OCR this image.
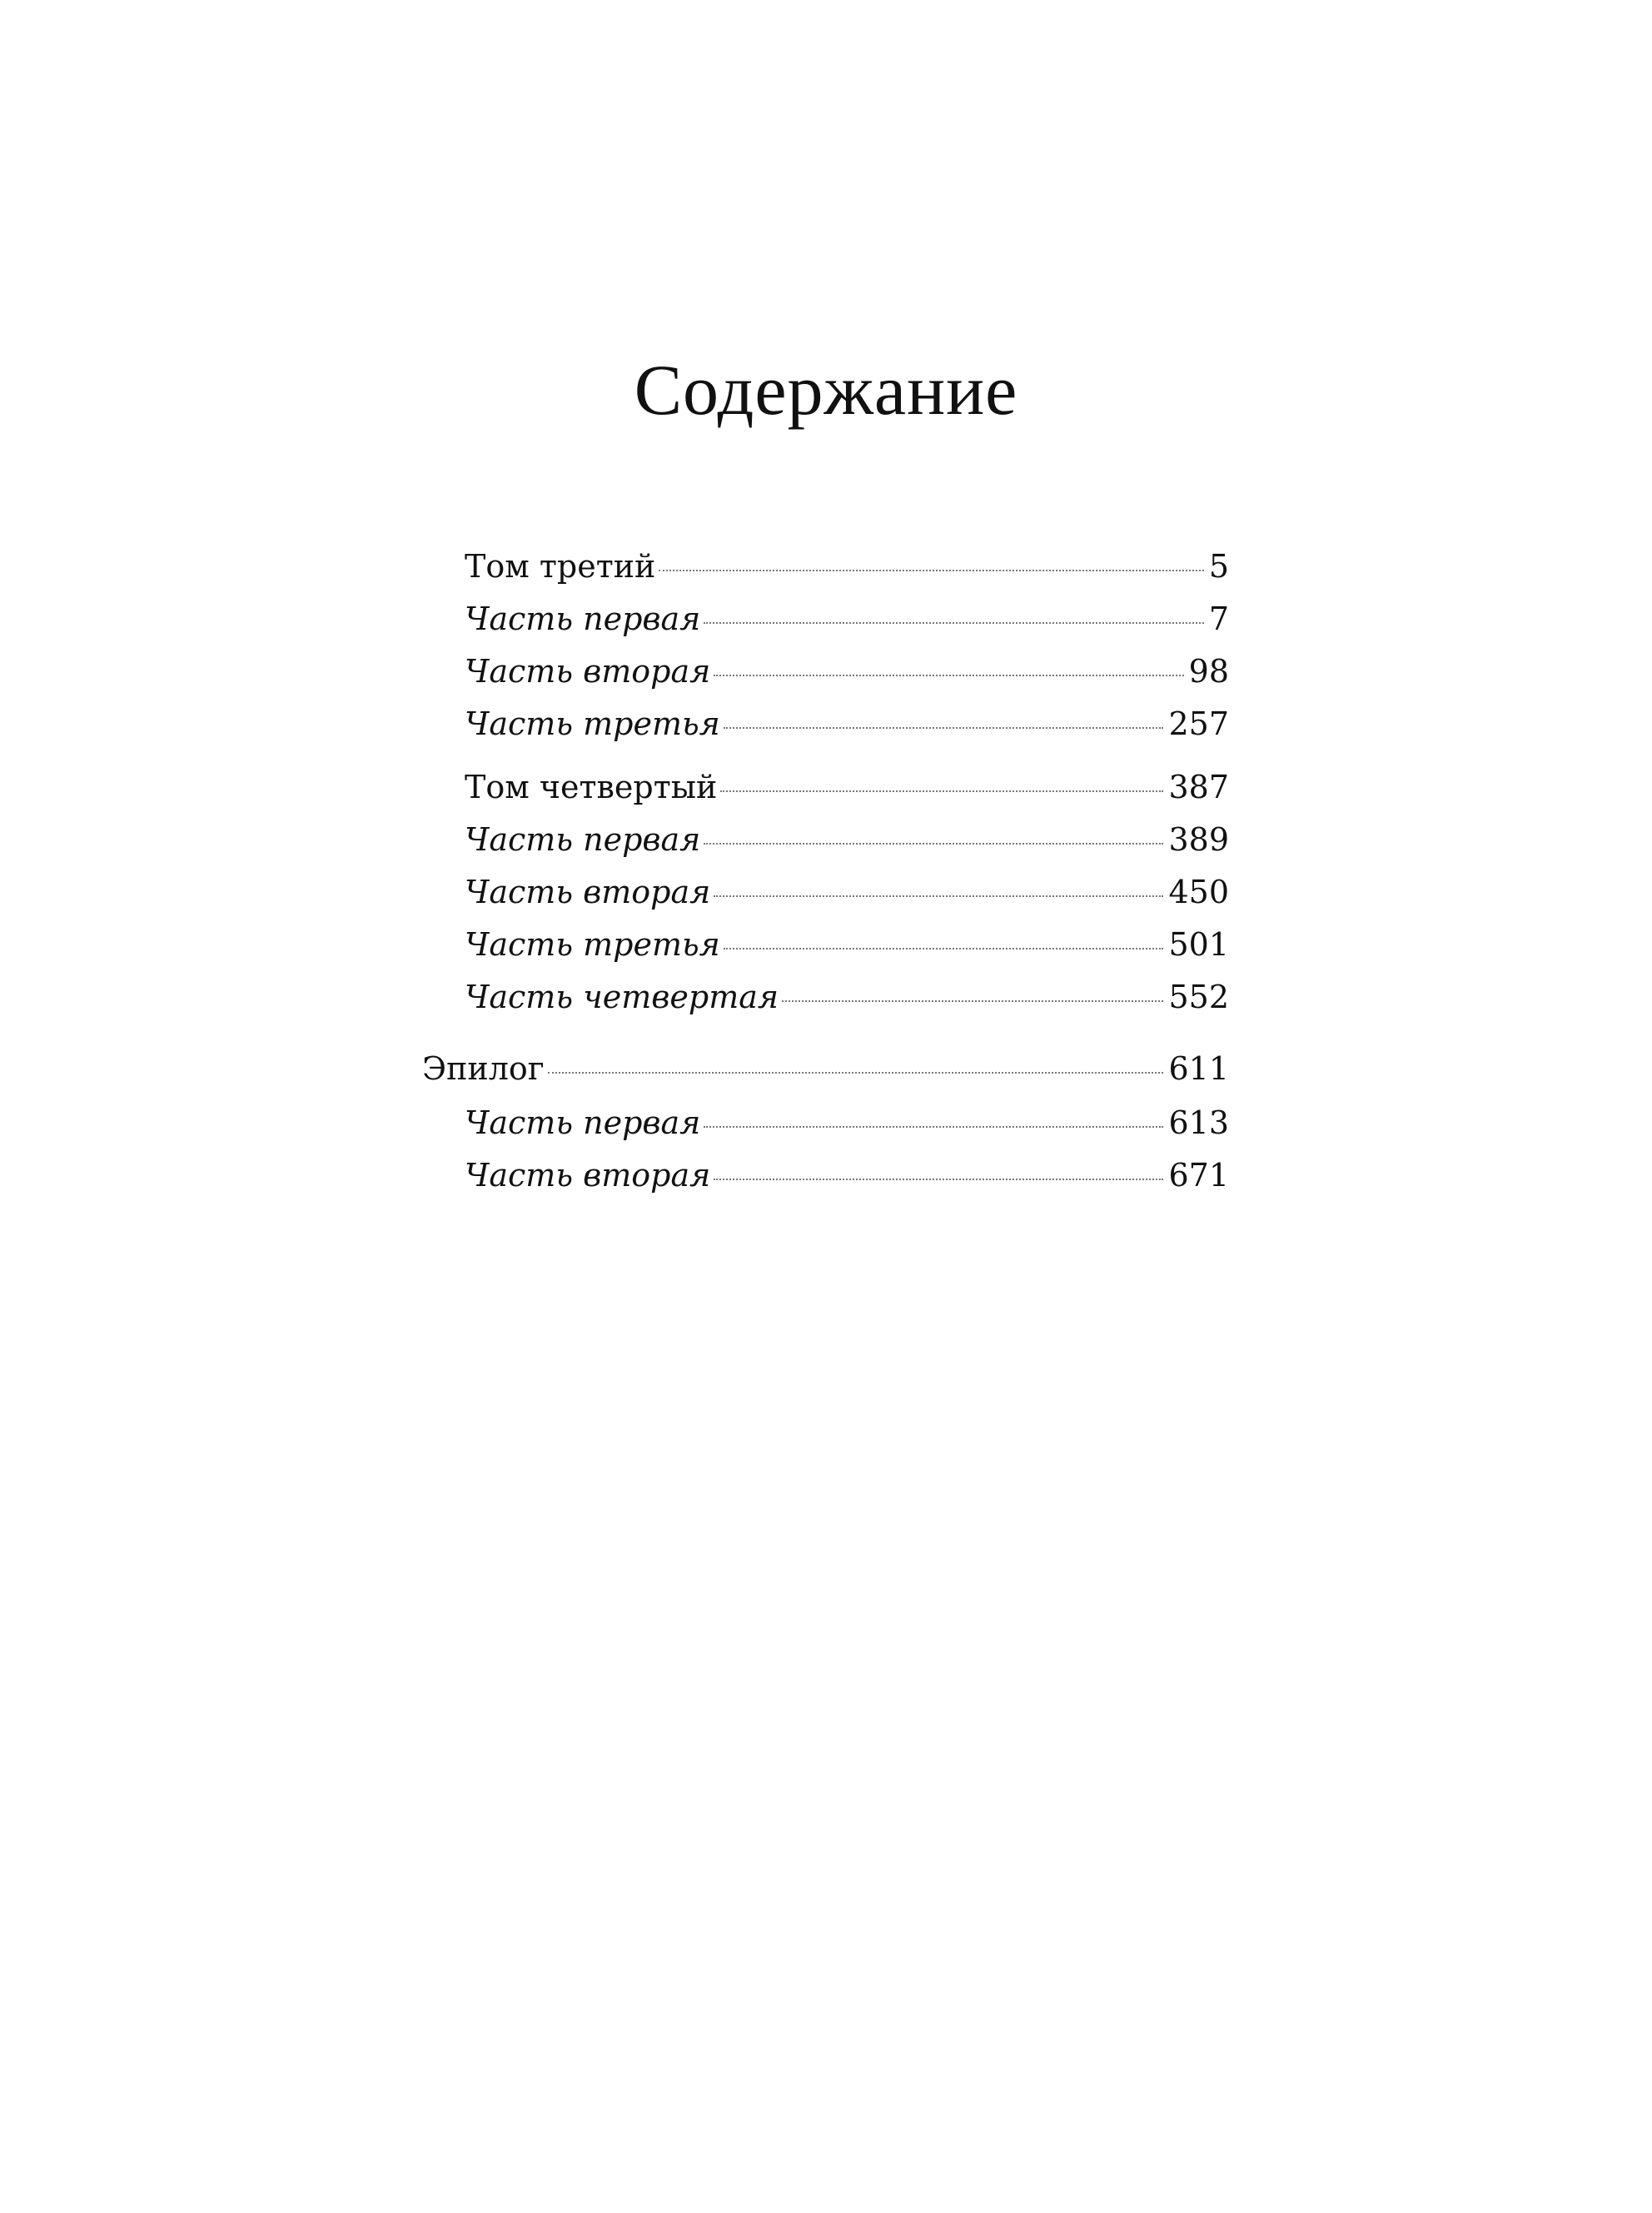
Содержание
Том третий	5
Часть первая	7
Часть вторая	98
Часть третья	257
Том четвертый	387
Часть первая	389
Часть вторая	450
Часть третья	501
Часть четвертая	552
Эпилог	611
Часть первая	613
Часть вторая	671
